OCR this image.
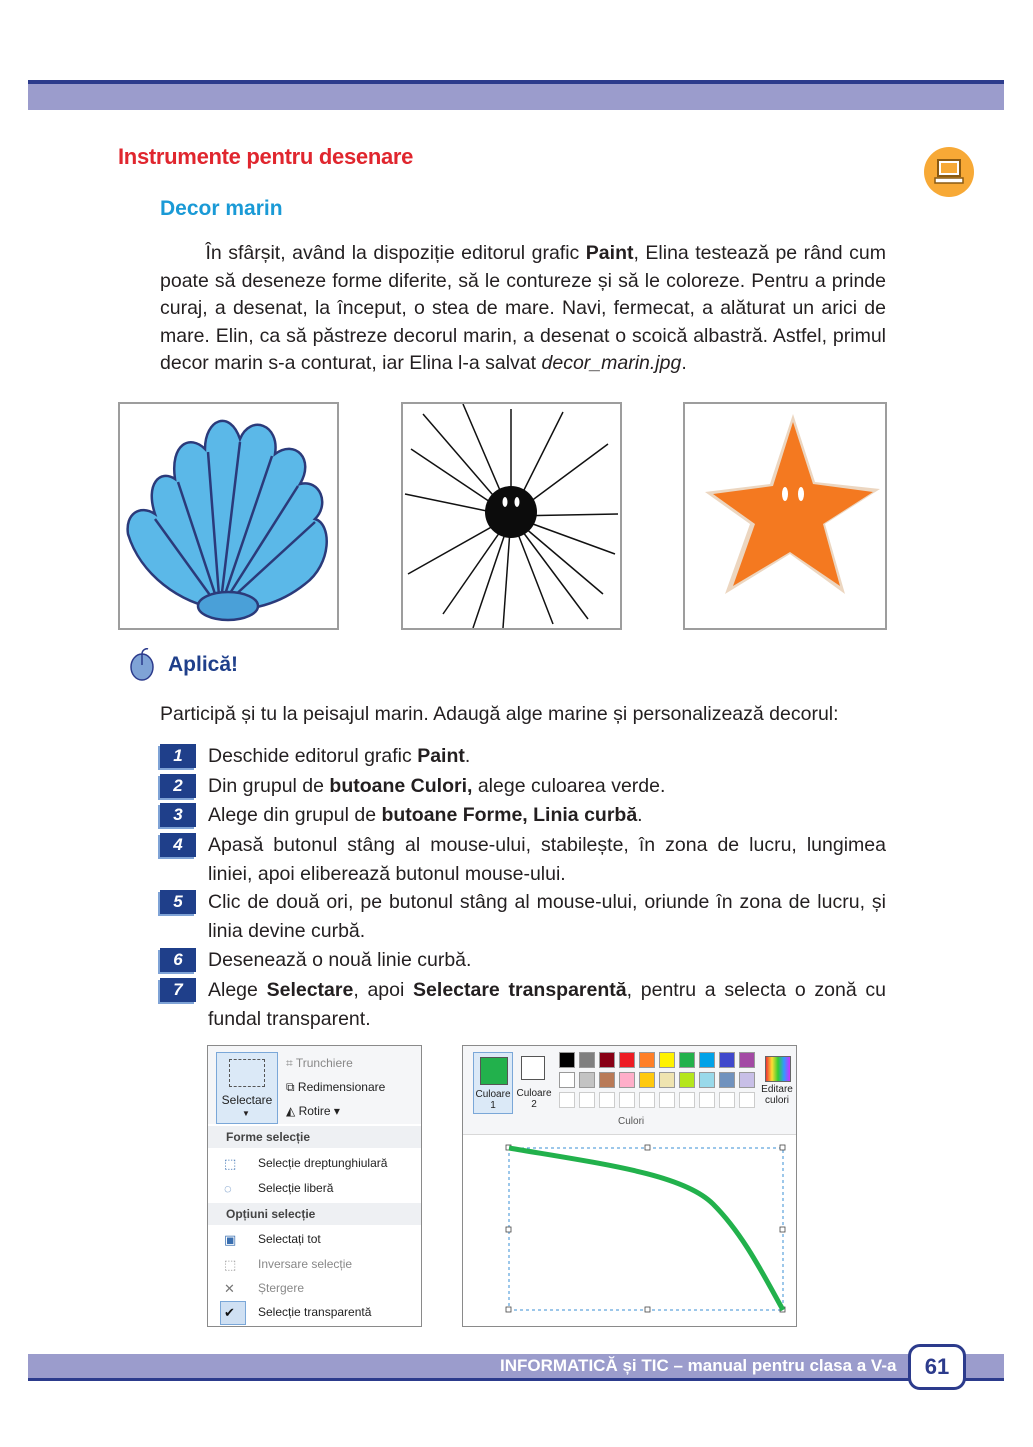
Instrumente pentru desenare
Decor marin
În sfârșit, având la dispoziție editorul grafic Paint, Elina testează pe rând cum poate să deseneze forme diferite, să le contureze și să le coloreze. Pentru a prinde curaj, a desenat, la început, o stea de mare. Navi, fermecat, a alăturat un arici de mare. Elin, ca să păstreze decorul marin, a desenat o scoică albastră. Astfel, primul decor marin s-a conturat, iar Elina l-a salvat decor_marin.jpg.
Aplică!
Participă și tu la peisajul marin. Adaugă alge marine și personalizează decorul:
1	Deschide editorul grafic Paint.
2	Din grupul de butoane Culori, alege culoarea verde.
3	Alege din grupul de butoane Forme, Linia curbă.
4	Apasă butonul stâng al mouse-ului, stabilește, în zona de lucru, lungimea liniei, apoi eliberează butonul mouse-ului.
5	Clic de două ori, pe butonul stâng al mouse-ului, oriunde în zona de lucru, și linia devine curbă.
6	Desenează o nouă linie curbă.
7	Alege Selectare, apoi Selectare transparentă, pentru a selecta o zonă cu fundal transparent.
Selectare
▼
⌗ Trunchiere
⧉ Redimensionare
◭ Rotire ▾
Forme selecție
⬚	Selecție dreptunghiulară
◌	Selecție liberă
Opțiuni selecție
▣	Selectați tot
⬚	Inversare selecție
✕	Ștergere
✔	Selecție transparentă
Culoare 1
Culoare 2
Editare culori
Culori
INFORMATICĂ și TIC – manual pentru clasa a V-a	61
